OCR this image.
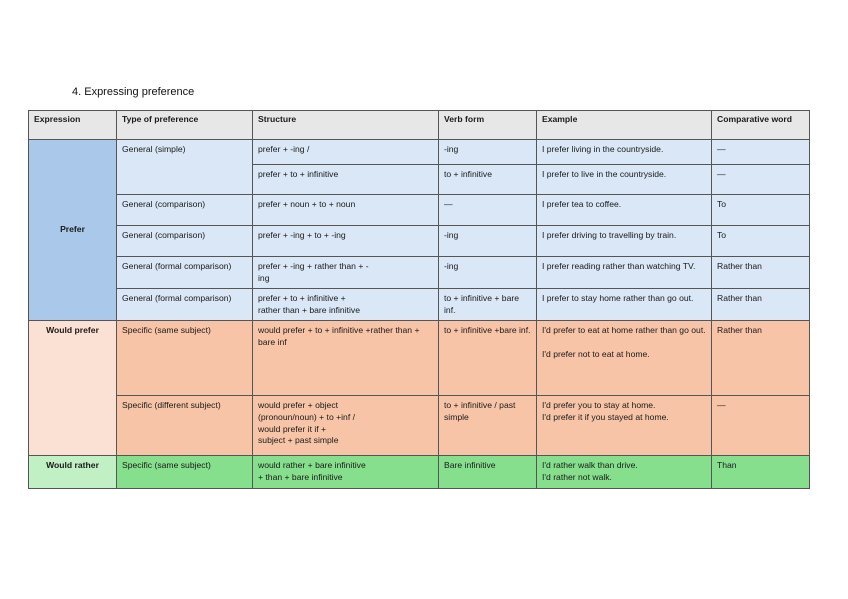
4. Expressing preference
Expression	Type of preference	Structure	Verb form	Example	Comparative word
Prefer	General (simple)	prefer + -ing /	-ing	I prefer living in the countryside.	—
		prefer + to + infinitive	to + infinitive	I prefer to live in the countryside.	—
	General (comparison)	prefer + noun + to + noun	—	I prefer tea to coffee.	To
	General (comparison)	prefer + -ing + to + -ing	-ing	I prefer driving to travelling by train.	To
	General (formal comparison)	prefer + -ing + rather than + -
ing	-ing	I prefer reading rather than watching TV.	Rather than
	General (formal comparison)	prefer + to + infinitive +
rather than + bare infinitive	to + infinitive + bare inf.	I prefer to stay home rather than go out.	Rather than
Would prefer	Specific (same subject)	would prefer + to + infinitive +rather than + bare inf	to + infinitive +bare inf.	I'd prefer to eat at home rather than go out.
I'd prefer not to eat at home.	Rather than
	Specific (different subject)	would prefer + object
(pronoun/noun) + to +inf /
would prefer it if +
subject + past simple	to + infinitive / past simple	I'd prefer you to stay at home.
I'd prefer it if you stayed at home.	—
Would rather	Specific (same subject)	would rather + bare infinitive
+ than + bare infinitive	Bare infinitive	I'd rather walk than drive.
I'd rather not walk.	Than
